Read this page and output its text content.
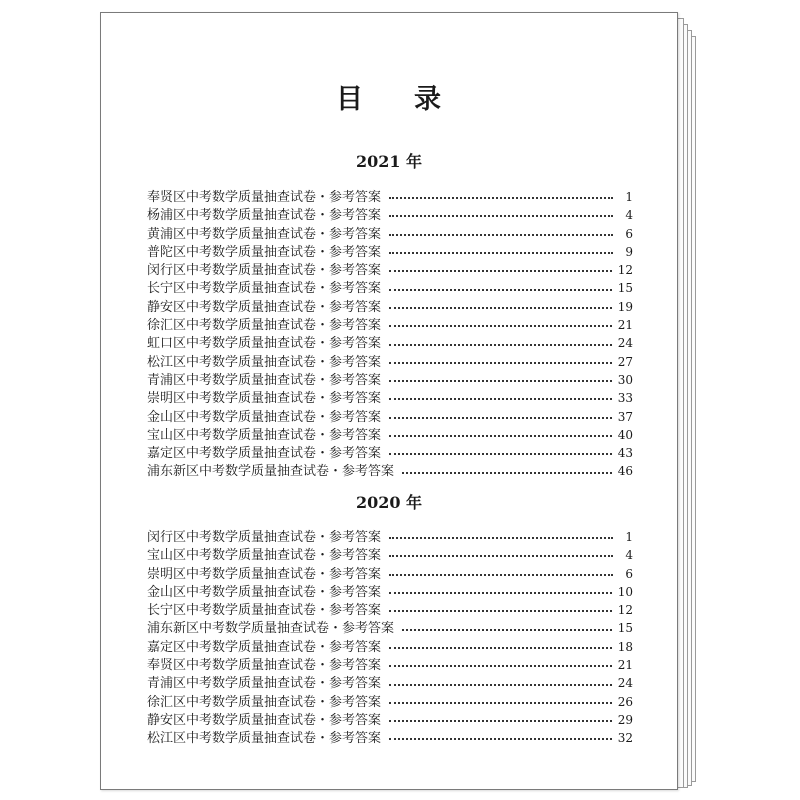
目 录
2021 年
奉贤区中考数学质量抽查试卷・参考答案	1
杨浦区中考数学质量抽查试卷・参考答案	4
黄浦区中考数学质量抽查试卷・参考答案	6
普陀区中考数学质量抽查试卷・参考答案	9
闵行区中考数学质量抽查试卷・参考答案	12
长宁区中考数学质量抽查试卷・参考答案	15
静安区中考数学质量抽查试卷・参考答案	19
徐汇区中考数学质量抽查试卷・参考答案	21
虹口区中考数学质量抽查试卷・参考答案	24
松江区中考数学质量抽查试卷・参考答案	27
青浦区中考数学质量抽查试卷・参考答案	30
崇明区中考数学质量抽查试卷・参考答案	33
金山区中考数学质量抽查试卷・参考答案	37
宝山区中考数学质量抽查试卷・参考答案	40
嘉定区中考数学质量抽查试卷・参考答案	43
浦东新区中考数学质量抽查试卷・参考答案	46
2020 年
闵行区中考数学质量抽查试卷・参考答案	1
宝山区中考数学质量抽查试卷・参考答案	4
崇明区中考数学质量抽查试卷・参考答案	6
金山区中考数学质量抽查试卷・参考答案	10
长宁区中考数学质量抽查试卷・参考答案	12
浦东新区中考数学质量抽查试卷・参考答案	15
嘉定区中考数学质量抽查试卷・参考答案	18
奉贤区中考数学质量抽查试卷・参考答案	21
青浦区中考数学质量抽查试卷・参考答案	24
徐汇区中考数学质量抽查试卷・参考答案	26
静安区中考数学质量抽查试卷・参考答案	29
松江区中考数学质量抽查试卷・参考答案	32
